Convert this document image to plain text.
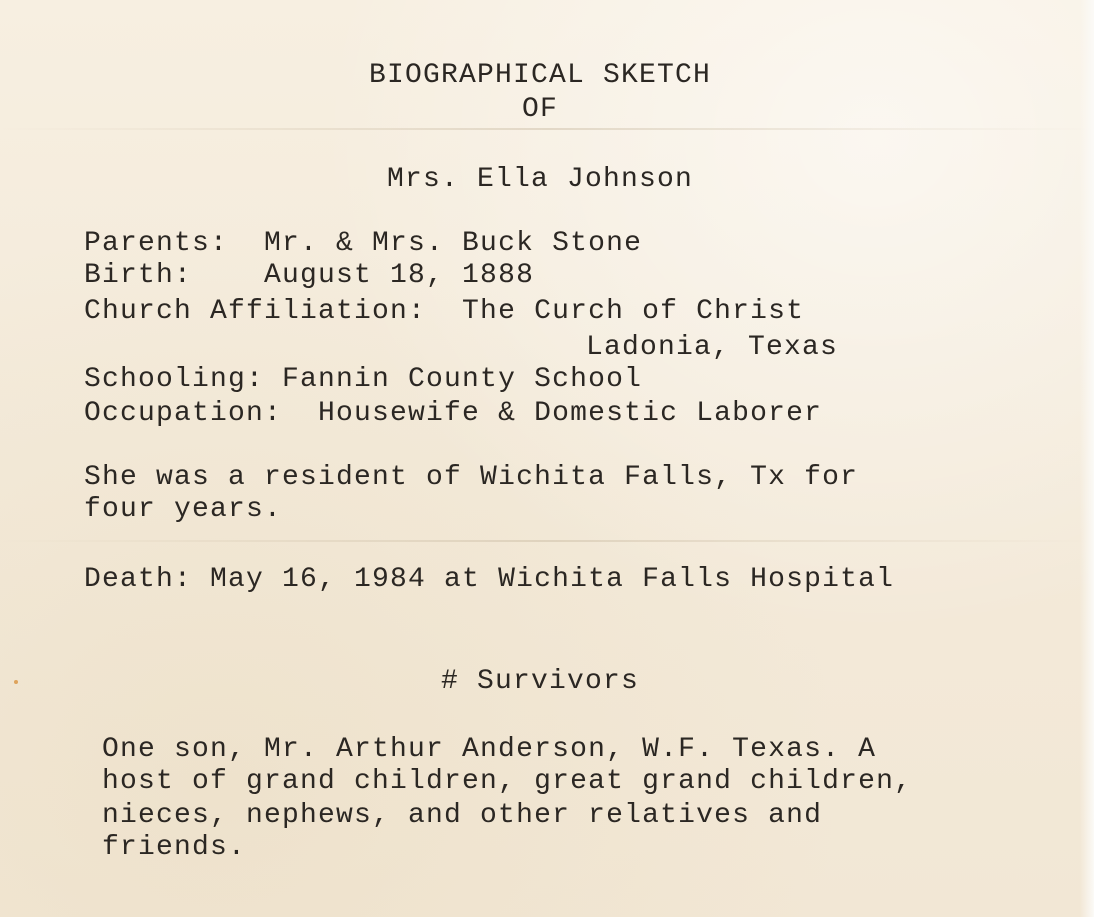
BIOGRAPHICAL SKETCH
OF
Mrs. Ella Johnson
Parents:  Mr. & Mrs. Buck Stone
Birth:    August 18, 1888
Church Affiliation:  The Curch of Christ
Ladonia, Texas
Schooling: Fannin County School
Occupation:  Housewife & Domestic Laborer
She was a resident of Wichita Falls, Tx for
four years.
Death: May 16, 1984 at Wichita Falls Hospital
# Survivors
One son, Mr. Arthur Anderson, W.F. Texas. A
host of grand children, great grand children,
nieces, nephews, and other relatives and
friends.
